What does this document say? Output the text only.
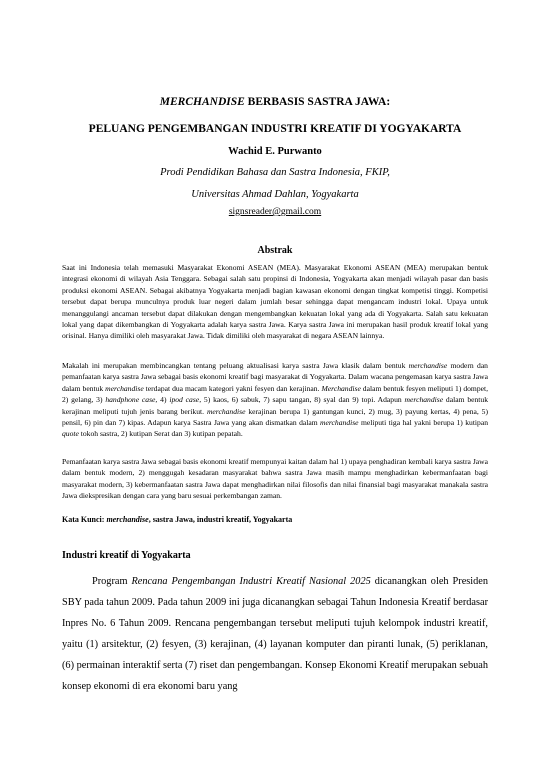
MERCHANDISE BERBASIS SASTRA JAWA:
PELUANG PENGEMBANGAN INDUSTRI KREATIF DI YOGYAKARTA
Wachid E. Purwanto
Prodi Pendidikan Bahasa dan Sastra Indonesia, FKIP,
Universitas Ahmad Dahlan, Yogyakarta
signsreader@gmail.com
Abstrak
Saat ini Indonesia telah memasuki Masyarakat Ekonomi ASEAN (MEA). Masyarakat Ekonomi ASEAN (MEA) merupakan bentuk integrasi ekonomi di wilayah Asia Tenggara. Sebagai salah satu propinsi di Indonesia, Yogyakarta akan menjadi wilayah pasar dan basis produksi ekonomi ASEAN. Sebagai akibatnya Yogyakarta menjadi bagian kawasan ekonomi dengan tingkat kompetisi tinggi. Kompetisi tersebut dapat berupa munculnya produk luar negeri dalam jumlah besar sehingga dapat mengancam industri lokal. Upaya untuk menanggulangi ancaman tersebut dapat dilakukan dengan mengembangkan kekuatan lokal yang ada di Yogyakarta. Salah satu kekuatan lokal yang dapat dikembangkan di Yogyakarta adalah karya sastra Jawa. Karya sastra Jawa ini merupakan hasil produk kreatif lokal yang orisinal. Hanya dimiliki oleh masyarakat Jawa. Tidak dimiliki oleh masyarakat di negara ASEAN lainnya.
Makalah ini merupakan membincangkan tentang peluang aktualisasi karya sastra Jawa klasik dalam bentuk merchandise modern dan pemanfaatan karya sastra Jawa sebagai basis ekonomi kreatif bagi masyarakat di Yogyakarta. Dalam wacana pengemasan karya sastra Jawa dalam bentuk merchandise terdapat dua macam kategori yakni fesyen dan kerajinan. Merchandise dalam bentuk fesyen meliputi 1) dompet, 2) gelang, 3) handphone case, 4) ipod case, 5) kaos, 6) sabuk, 7) sapu tangan, 8) syal dan 9) topi. Adapun merchandise dalam bentuk kerajinan meliputi tujuh jenis barang berikut. merchandise kerajinan berupa 1) gantungan kunci, 2) mug, 3) payung kertas, 4) pena, 5) pensil, 6) pin dan 7) kipas. Adapun karya Sastra Jawa yang akan dismatkan dalam merchandise meliputi tiga hal yakni berupa 1) kutipan quote tokoh sastra, 2) kutipan Serat dan 3) kutipan pepatah.
Pemanfaatan karya sastra Jawa sebagai basis ekonomi kreatif mempunyai kaitan dalam hal 1) upaya penghadiran kembali karya sastra Jawa dalam bentuk modern, 2) menggugah kesadaran masyarakat bahwa sastra Jawa masih mampu menghadirkan kebermanfaatan bagi masyarakat modern, 3) kebermanfaatan sastra Jawa dapat menghadirkan nilai filosofis dan nilai finansial bagi masyarakat manakala sastra Jawa diekspresikan dengan cara yang baru sesuai perkembangan zaman.
Kata Kunci: merchandise, sastra Jawa, industri kreatif, Yogyakarta
Industri kreatif di Yogyakarta
Program Rencana Pengembangan Industri Kreatif Nasional 2025 dicanangkan oleh Presiden SBY pada tahun 2009. Pada tahun 2009 ini juga dicanangkan sebagai Tahun Indonesia Kreatif berdasar Inpres No. 6 Tahun 2009. Rencana pengembangan tersebut meliputi tujuh kelompok industri kreatif, yaitu (1) arsitektur, (2) fesyen, (3) kerajinan, (4) layanan komputer dan piranti lunak, (5) periklanan, (6) permainan interaktif serta (7) riset dan pengembangan. Konsep Ekonomi Kreatif merupakan sebuah konsep ekonomi di era ekonomi baru yang
